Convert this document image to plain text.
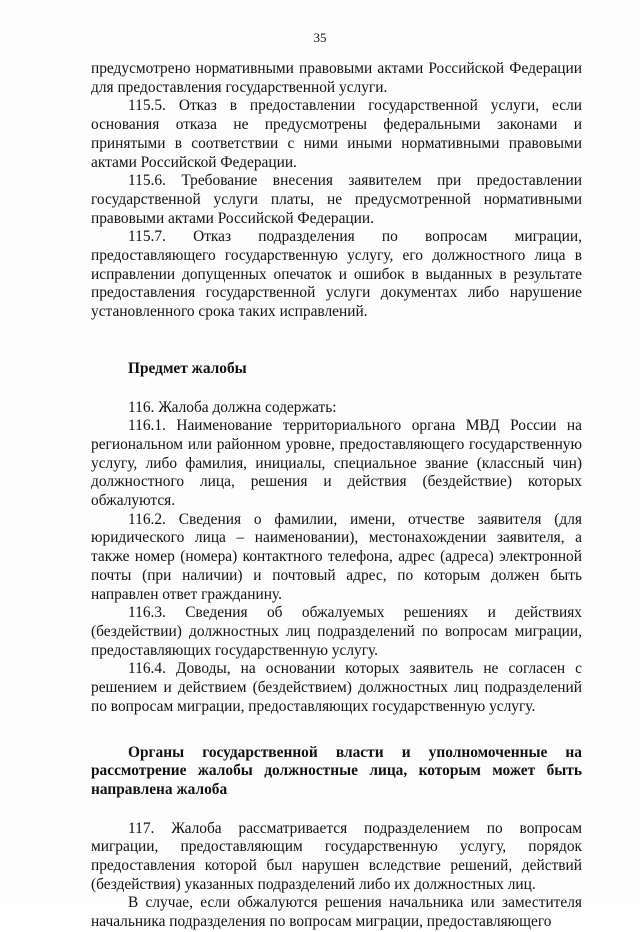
35

предусмотрено нормативными правовыми актами Российской Федерации для предоставления государственной услуги.

115.5. Отказ в предоставлении государственной услуги, если основания отказа не предусмотрены федеральными законами и принятыми в соответствии с ними иными нормативными правовыми актами Российской Федерации.

115.6. Требование внесения заявителем при предоставлении государственной услуги платы, не предусмотренной нормативными правовыми актами Российской Федерации.

115.7. Отказ подразделения по вопросам миграции, предоставляющего государственную услугу, его должностного лица в исправлении допущенных опечаток и ошибок в выданных в результате предоставления государственной услуги документах либо нарушение установленного срока таких исправлений.

Предмет жалобы

116. Жалоба должна содержать:

116.1. Наименование территориального органа МВД России на региональном или районном уровне, предоставляющего государственную услугу, либо фамилия, инициалы, специальное звание (классный чин) должностного лица, решения и действия (бездействие) которых обжалуются.

116.2. Сведения о фамилии, имени, отчестве заявителя (для юридического лица – наименовании), местонахождении заявителя, а также номер (номера) контактного телефона, адрес (адреса) электронной почты (при наличии) и почтовый адрес, по которым должен быть направлен ответ гражданину.

116.3. Сведения об обжалуемых решениях и действиях (бездействии) должностных лиц подразделений по вопросам миграции, предоставляющих государственную услугу.

116.4. Доводы, на основании которых заявитель не согласен с решением и действием (бездействием) должностных лиц подразделений по вопросам миграции, предоставляющих государственную услугу.

Органы государственной власти и уполномоченные на рассмотрение жалобы должностные лица, которым может быть направлена жалоба

117. Жалоба рассматривается подразделением по вопросам миграции, предоставляющим государственную услугу, порядок предоставления которой был нарушен вследствие решений, действий (бездействия) указанных подразделений либо их должностных лиц.

В случае, если обжалуются решения начальника или заместителя начальника подразделения по вопросам миграции, предоставляющего
